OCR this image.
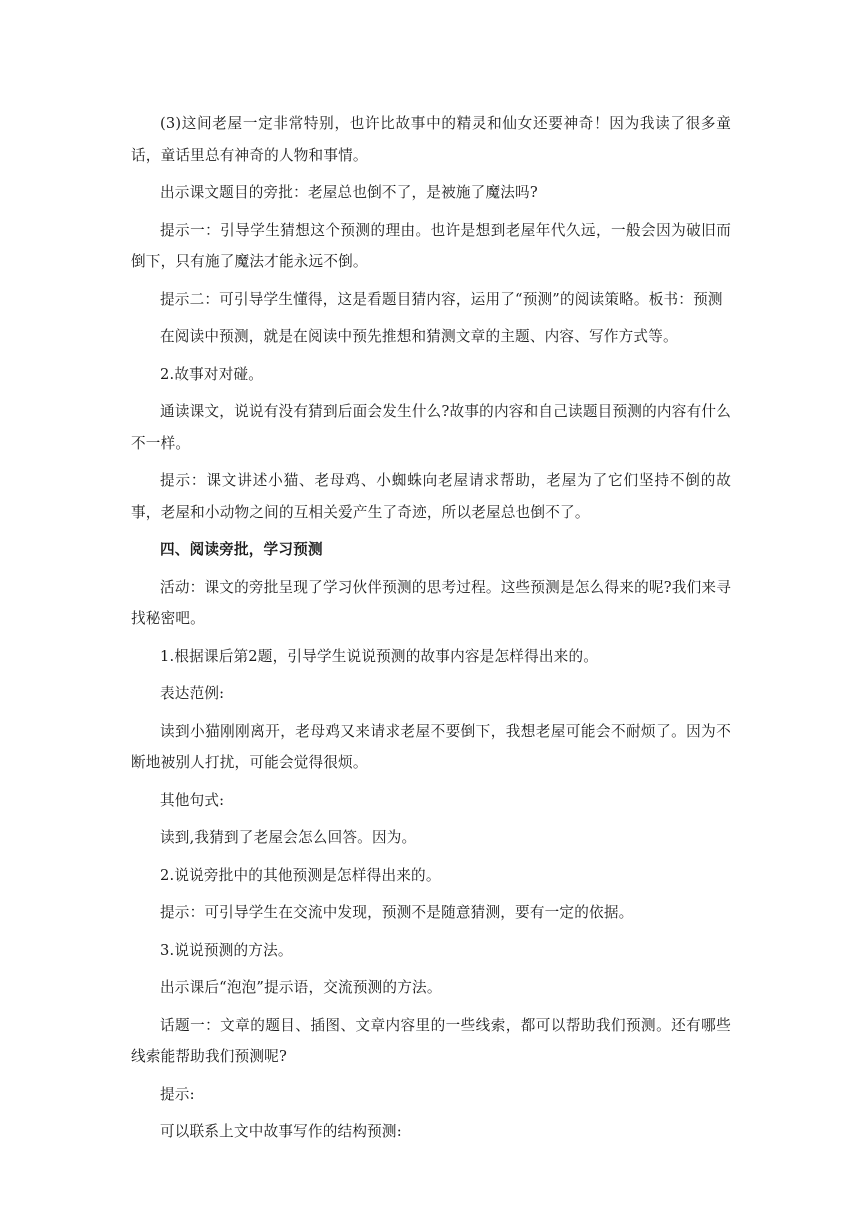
(3)这间老屋一定非常特别，也许比故事中的精灵和仙女还要神奇！因为我读了很多童话，童话里总有神奇的人物和事情。

出示课文题目的旁批：老屋总也倒不了，是被施了魔法吗?

提示一：引导学生猜想这个预测的理由。也许是想到老屋年代久远，一般会因为破旧而倒下，只有施了魔法才能永远不倒。

提示二：可引导学生懂得，这是看题目猜内容，运用了“预测”的阅读策略。板书：预测

在阅读中预测，就是在阅读中预先推想和猜测文章的主题、内容、写作方式等。

2.故事对对碰。

通读课文，说说有没有猜到后面会发生什么?故事的内容和自己读题目预测的内容有什么不一样。

提示：课文讲述小猫、老母鸡、小蜘蛛向老屋请求帮助，老屋为了它们坚持不倒的故事，老屋和小动物之间的互相关爱产生了奇迹，所以老屋总也倒不了。

四、阅读旁批，学习预测

活动：课文的旁批呈现了学习伙伴预测的思考过程。这些预测是怎么得来的呢?我们来寻找秘密吧。

1.根据课后第2题，引导学生说说预测的故事内容是怎样得出来的。

表达范例:

读到小猫刚刚离开，老母鸡又来请求老屋不要倒下，我想老屋可能会不耐烦了。因为不断地被别人打扰，可能会觉得很烦。

其他句式:

读到,我猜到了老屋会怎么回答。因为。

2.说说旁批中的其他预测是怎样得出来的。

提示：可引导学生在交流中发现，预测不是随意猜测，要有一定的依据。

3.说说预测的方法。

出示课后“泡泡”提示语，交流预测的方法。

话题一：文章的题目、插图、文章内容里的一些线索，都可以帮助我们预测。还有哪些线索能帮助我们预测呢?

提示:

可以联系上文中故事写作的结构预测:
